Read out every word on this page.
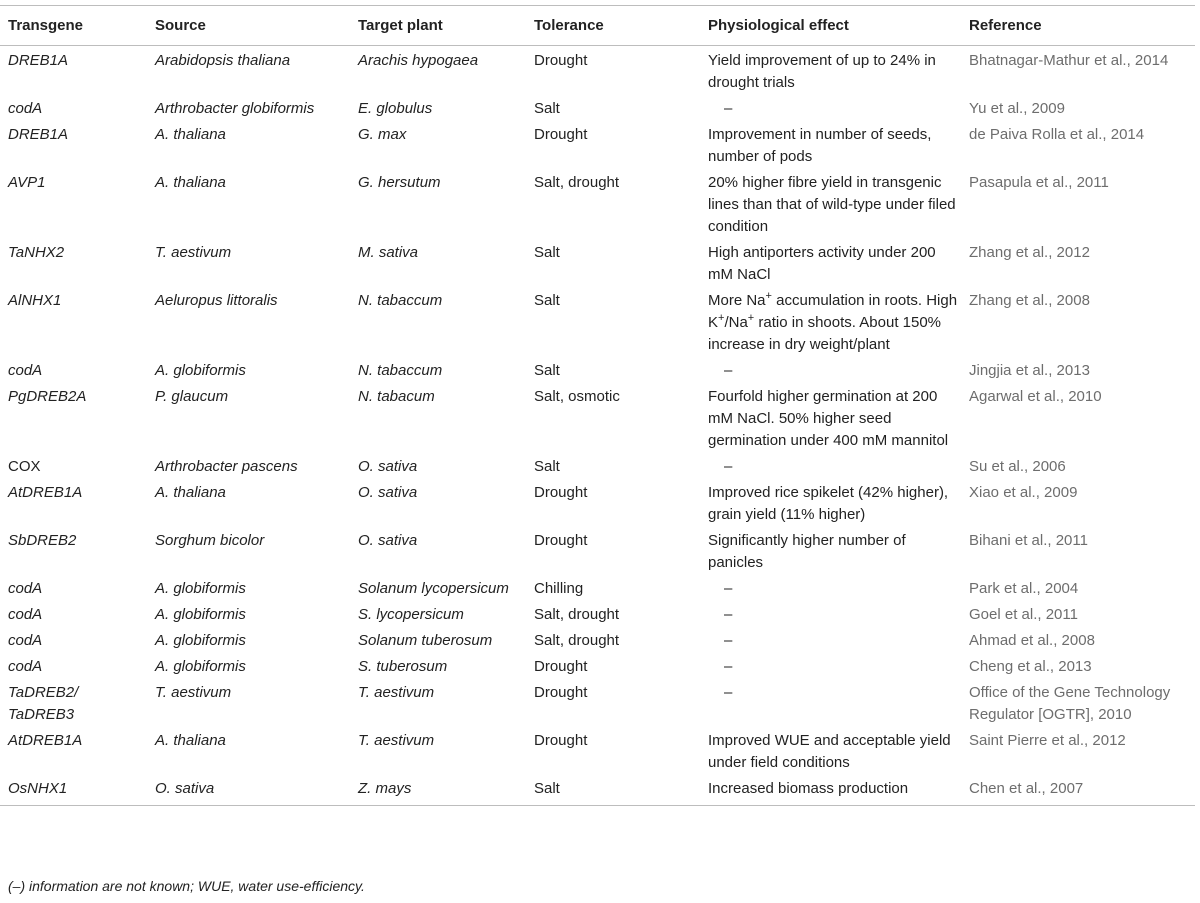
Transgene	Source	Target plant	Tolerance	Physiological effect	Reference
DREB1A	Arabidopsis thaliana	Arachis hypogaea	Drought	Yield improvement of up to 24% in drought trials	Bhatnagar-Mathur et al., 2014
codA	Arthrobacter globiformis	E. globulus	Salt	–	Yu et al., 2009
DREB1A	A. thaliana	G. max	Drought	Improvement in number of seeds, number of pods	de Paiva Rolla et al., 2014
AVP1	A. thaliana	G. hersutum	Salt, drought	20% higher fibre yield in transgenic lines than that of wild-type under filed condition	Pasapula et al., 2011
TaNHX2	T. aestivum	M. sativa	Salt	High antiporters activity under 200 mM NaCl	Zhang et al., 2012
AlNHX1	Aeluropus littoralis	N. tabaccum	Salt	More Na+ accumulation in roots. High K+/Na+ ratio in shoots. About 150% increase in dry weight/plant	Zhang et al., 2008
codA	A. globiformis	N. tabaccum	Salt	–	Jingjia et al., 2013
PgDREB2A	P. glaucum	N. tabacum	Salt, osmotic	Fourfold higher germination at 200 mM NaCl. 50% higher seed germination under 400 mM mannitol	Agarwal et al., 2010
COX	Arthrobacter pascens	O. sativa	Salt	–	Su et al., 2006
AtDREB1A	A. thaliana	O. sativa	Drought	Improved rice spikelet (42% higher), grain yield (11% higher)	Xiao et al., 2009
SbDREB2	Sorghum bicolor	O. sativa	Drought	Significantly higher number of panicles	Bihani et al., 2011
codA	A. globiformis	Solanum lycopersicum	Chilling	–	Park et al., 2004
codA	A. globiformis	S. lycopersicum	Salt, drought	–	Goel et al., 2011
codA	A. globiformis	Solanum tuberosum	Salt, drought	–	Ahmad et al., 2008
codA	A. globiformis	S. tuberosum	Drought	–	Cheng et al., 2013
TaDREB2/ TaDREB3	T. aestivum	T. aestivum	Drought	–	Office of the Gene Technology Regulator [OGTR], 2010
AtDREB1A	A. thaliana	T. aestivum	Drought	Improved WUE and acceptable yield under field conditions	Saint Pierre et al., 2012
OsNHX1	O. sativa	Z. mays	Salt	Increased biomass production	Chen et al., 2007
(–) information are not known; WUE, water use-efficiency.
